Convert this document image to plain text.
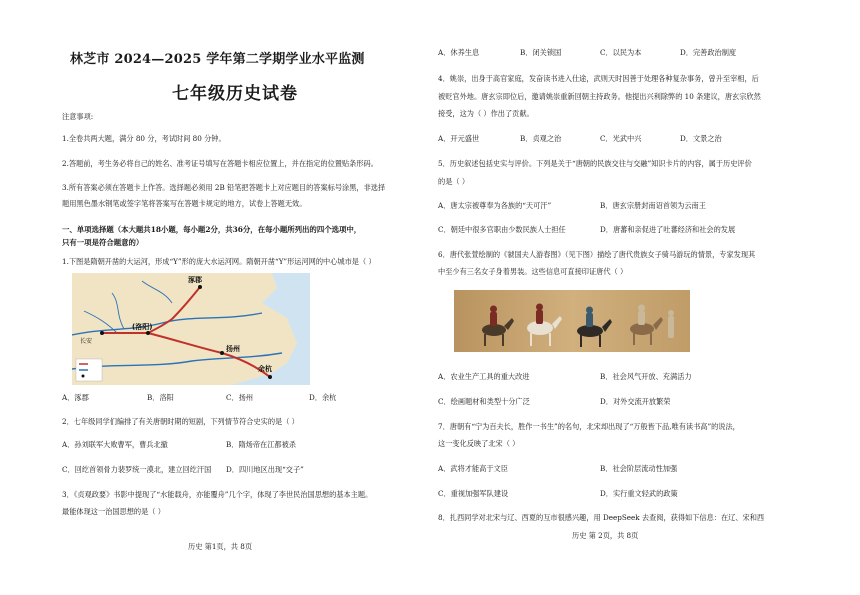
林芝市 2024—2025 学年第二学期学业水平监测
七年级历史试卷
注意事项:
1.全卷共两大题，满分 80 分，考试时间 80 分钟。
2.答题前，考生务必将自己的姓名、准考证号填写在答题卡相应位置上，并在指定的位置贴条形码。
3.所有答案必须在答题卡上作答。选择题必须用 2B 铅笔把答题卡上对应题目的答案标号涂黑，非选择
题用黑色墨水钢笔或签字笔将答案写在答题卡规定的地方，试卷上答题无效。
一、单项选择题（本大题共18小题，每小题2分，共36分，在每小题所列出的四个选项中，
只有一项是符合题意的）
1.下图是隋朝开凿的大运河，形成“Y”形的庞大水运河网。隋朝开凿“Y”形运河网的中心城市是（ ）
涿郡
(洛阳)
扬州
长安
余杭
A．涿郡	B．洛阳	C．扬州	D．余杭
2．七年级同学们编排了有关唐朝时期的短剧，下列情节符合史实的是（ ）
A．孙刘联军大败曹军，曹兵北撤	B．隋炀帝在江都被杀
C．回纥首领骨力裴罗统一漠北，建立回纥汗国 D．四川地区出现“交子”
3．《贞观政要》书影中提现了“水能载舟，亦能覆舟”几个字，体现了李世民治国思想的基本主题。
最能体现这一治国思想的是（ ）
历史 第1页，共 8页
A．休养生息	B．闭关锁国	C．以民为本	D．完善政治制度
4．姚崇，出身于高官家庭，发奋读书进入仕途，武则天时因善于处理各种复杂事务，曾升至宰相，后
被贬官外地。唐玄宗即位后，邀请姚崇重新回朝主持政务。他提出兴利除弊的 10 条建议，唐玄宗欣然
接受，这为（ ）作出了贡献。
A．开元盛世	B．贞观之治	C．光武中兴	D．文景之治
5．历史叙述包括史实与评价。下列是关于“唐朝的民族交往与交融”知识卡片的内容，属于历史评价
的是（ ）
A．唐太宗被尊奉为各族的“天可汗”	B．唐玄宗册封南诏首领为云南王
C．朝廷中很多官职由少数民族人士担任	D．唐蕃和亲促进了吐蕃经济和社会的发展
6．唐代张萱绘制的《虢国夫人游春图》（见下图）描绘了唐代贵族女子骑马游玩的情景，专家发现其
中至少有三名女子身着男装。这些信息可直接印证唐代（ ）
A．农业生产工具的重大改进	B．社会风气开放、充满活力
C．绘画题材和类型十分广泛	D．对外交流开放繁荣
7．唐朝有“宁为百夫长，胜作一书生”的名句，北宋却出现了“万般皆下品,唯有读书高”的说法，
这一变化反映了北宋（ ）
A．武将才能高于文臣	B．社会阶层流动性加强
C．重视加强军队建设	D．实行重文轻武的政策
8．扎西同学对北宋与辽、西夏的互市很感兴趣，用 DeepSeek 去查阅，获得如下信息：在辽、宋和西
历史 第 2页，共 8页
